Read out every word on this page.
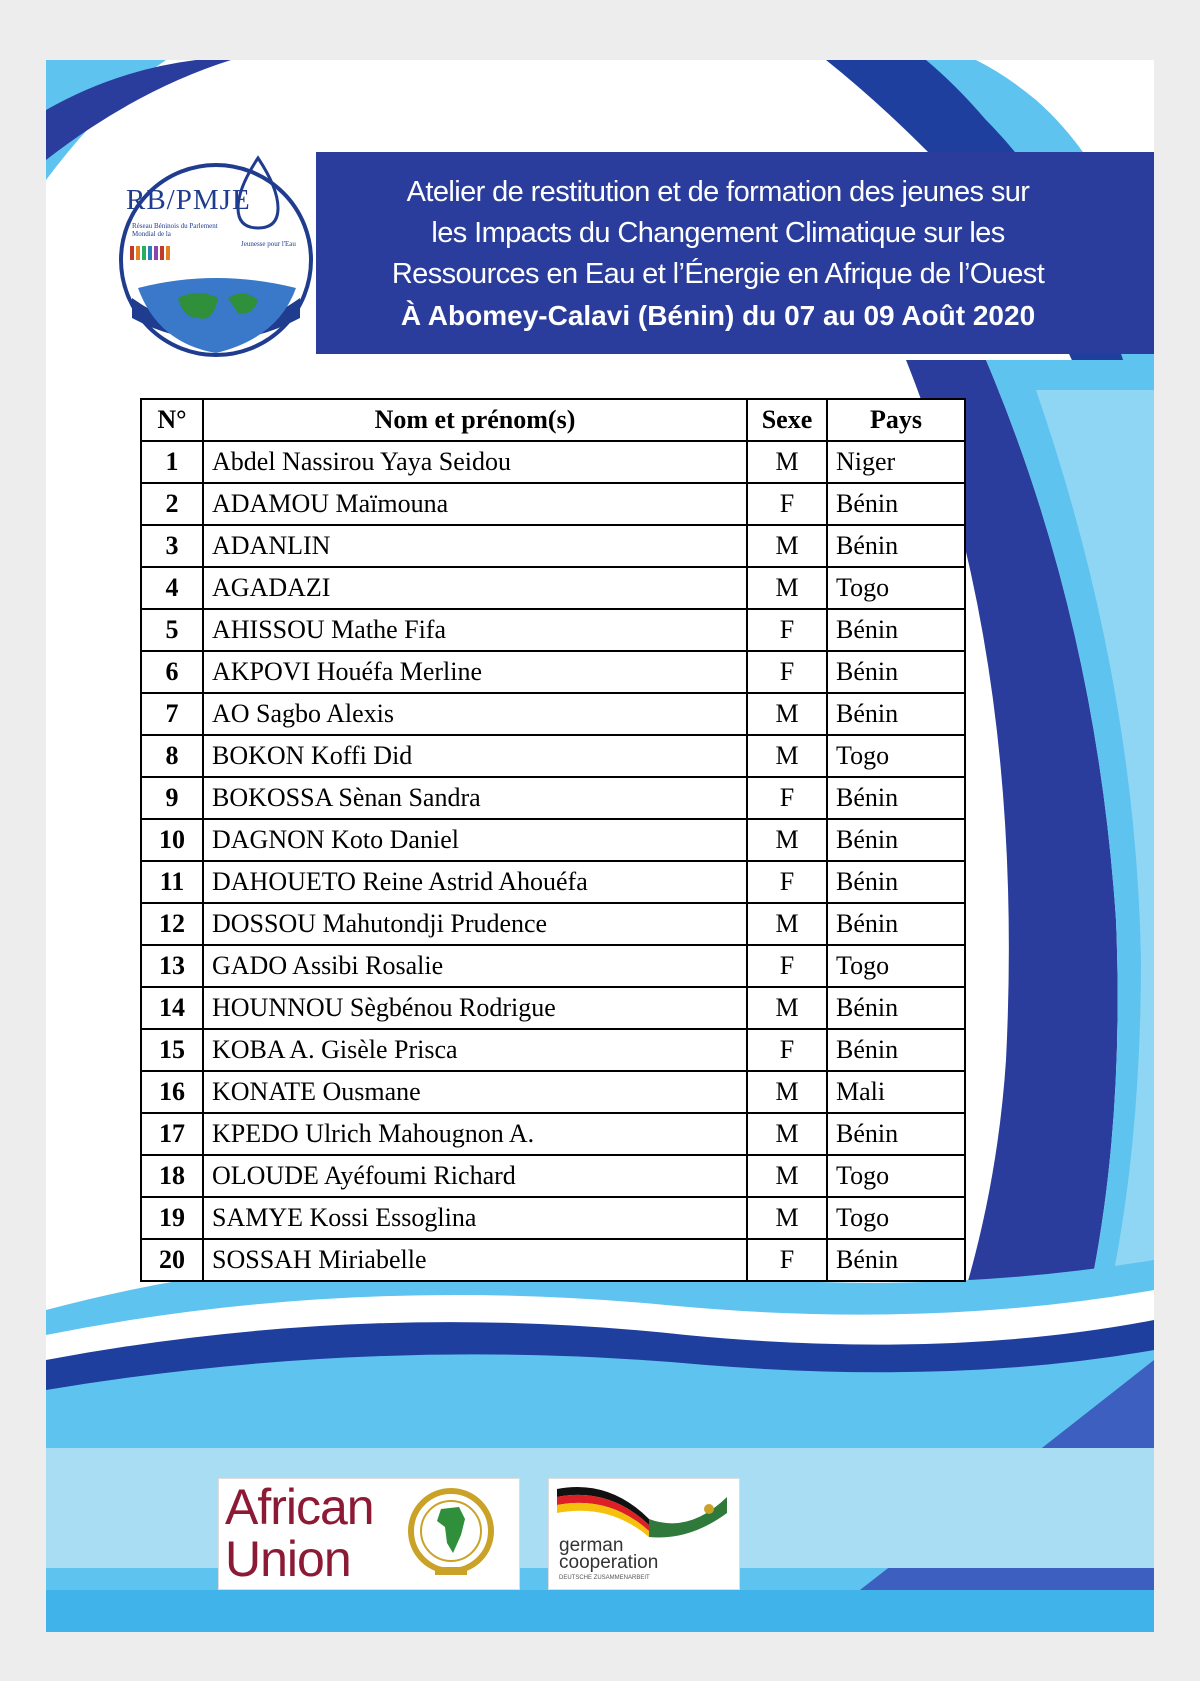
RB/PMJE
Réseau Béninois du Parlement Mondial de la
Jeunesse pour l'Eau
Atelier de restitution et de formation des jeunes sur
les Impacts du Changement Climatique sur les
Ressources en Eau et l’Énergie en Afrique de l’Ouest
À Abomey-Calavi (Bénin) du 07 au 09 Août 2020
N°	Nom et prénom(s)	Sexe	Pays
1	Abdel Nassirou Yaya Seidou	M	Niger
2	ADAMOU Maïmouna	F	Bénin
3	ADANLIN	M	Bénin
4	AGADAZI	M	Togo
5	AHISSOU Mathe Fifa	F	Bénin
6	AKPOVI Houéfa Merline	F	Bénin
7	AO Sagbo Alexis	M	Bénin
8	BOKON Koffi Did	M	Togo
9	BOKOSSA Sènan Sandra	F	Bénin
10	DAGNON Koto Daniel	M	Bénin
11	DAHOUETO Reine Astrid Ahouéfa	F	Bénin
12	DOSSOU Mahutondji Prudence	M	Bénin
13	GADO Assibi Rosalie	F	Togo
14	HOUNNOU Sègbénou Rodrigue	M	Bénin
15	KOBA A. Gisèle Prisca	F	Bénin
16	KONATE Ousmane	M	Mali
17	KPEDO Ulrich Mahougnon A.	M	Bénin
18	OLOUDE Ayéfoumi Richard	M	Togo
19	SAMYE Kossi Essoglina	M	Togo
20	SOSSAH Miriabelle	F	Bénin
African
Union	german
cooperation
DEUTSCHE ZUSAMMENARBEIT
